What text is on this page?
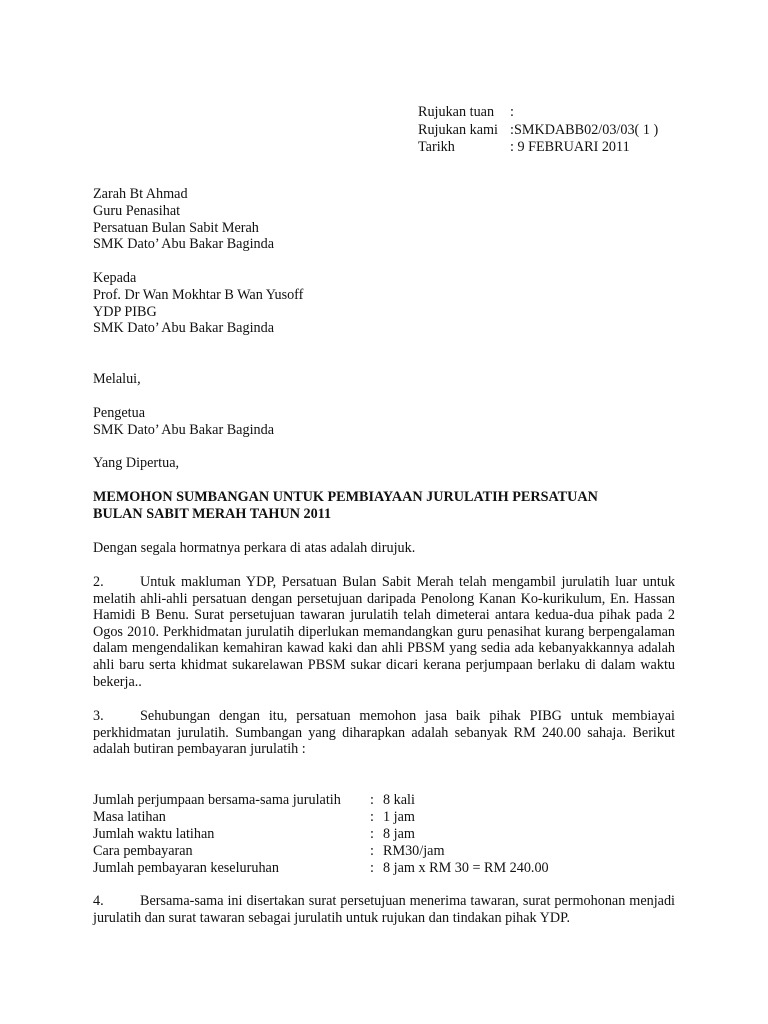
Rujukan tuan	:
Rujukan kami :SMKDABB02/03/03( 1 )
Tarikh	: 9 FEBRUARI 2011
Zarah Bt Ahmad
Guru Penasihat
Persatuan Bulan Sabit Merah
SMK Dato’ Abu Bakar Baginda
Kepada
Prof. Dr Wan Mokhtar B Wan Yusoff
YDP PIBG
SMK Dato’ Abu Bakar Baginda
Melalui,
Pengetua
SMK Dato’ Abu Bakar Baginda
Yang Dipertua,
MEMOHON SUMBANGAN UNTUK PEMBIAYAAN JURULATIH PERSATUAN
BULAN SABIT MERAH TAHUN 2011
Dengan segala hormatnya perkara di atas adalah dirujuk.

2.	Untuk makluman YDP, Persatuan Bulan Sabit Merah telah mengambil jurulatih luar untuk melatih ahli-ahli persatuan dengan persetujuan daripada Penolong Kanan Ko-kurikulum, En. Hassan Hamidi B Benu. Surat persetujuan tawaran jurulatih telah dimeterai antara kedua-dua pihak pada 2 Ogos 2010. Perkhidmatan jurulatih diperlukan memandangkan guru penasihat kurang berpengalaman dalam mengendalikan kemahiran kawad kaki dan ahli PBSM yang sedia ada kebanyakkannya adalah ahli baru serta khidmat sukarelawan PBSM sukar dicari kerana perjumpaan berlaku di dalam waktu bekerja..

3.	Sehubungan dengan itu, persatuan memohon jasa baik pihak PIBG untuk membiayai perkhidmatan jurulatih. Sumbangan yang diharapkan adalah sebanyak RM 240.00 sahaja. Berikut adalah butiran pembayaran jurulatih :

Jumlah perjumpaan bersama-sama jurulatih	: 8 kali
Masa latihan	: 1 jam
Jumlah waktu latihan	: 8 jam
Cara pembayaran	: RM30/jam
Jumlah pembayaran keseluruhan	: 8 jam x RM 30 = RM 240.00

4.	Bersama-sama ini disertakan surat persetujuan menerima tawaran, surat permohonan menjadi jurulatih dan surat tawaran sebagai jurulatih untuk rujukan dan tindakan pihak YDP.
